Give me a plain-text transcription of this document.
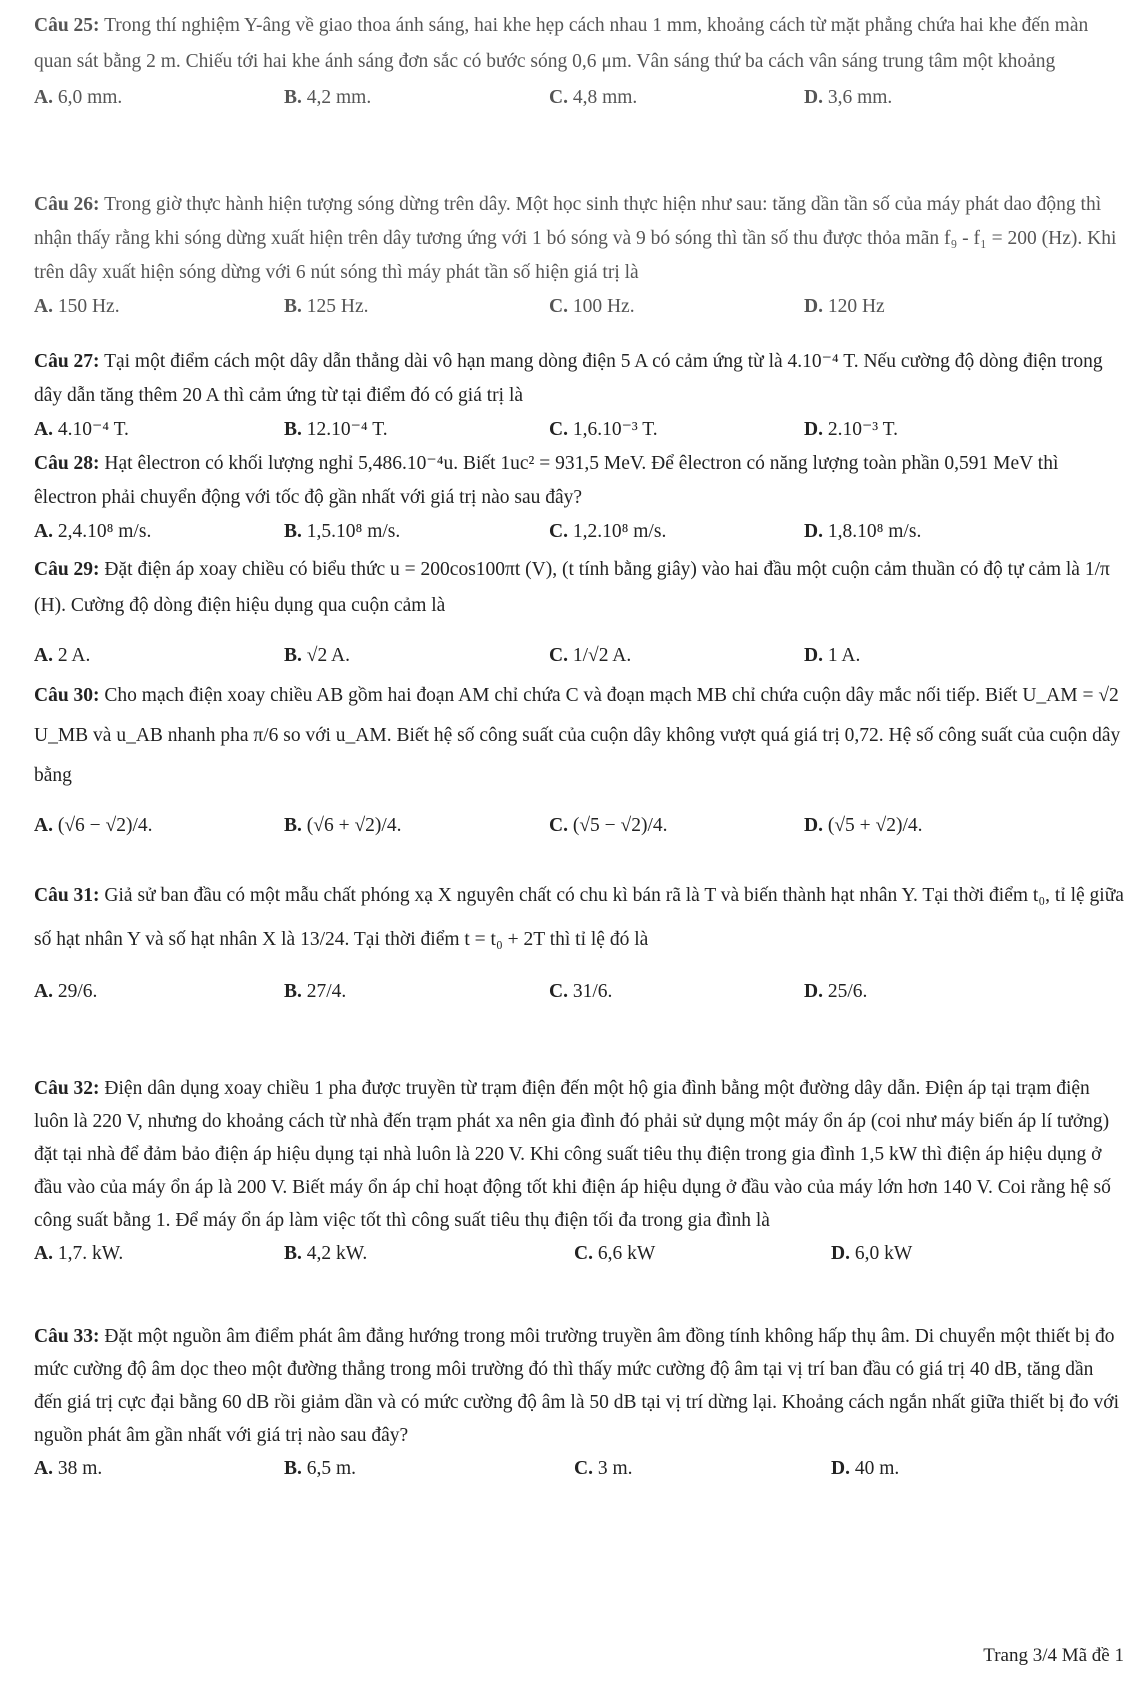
Câu 25: Trong thí nghiệm Y-âng về giao thoa ánh sáng, hai khe hẹp cách nhau 1 mm, khoảng cách từ mặt phẳng chứa hai khe đến màn quan sát bằng 2 m. Chiếu tới hai khe ánh sáng đơn sắc có bước sóng 0,6 μm. Vân sáng thứ ba cách vân sáng trung tâm một khoảng

A. 6,0 mm.	B. 4,2 mm.	C. 4,8 mm.	D. 3,6 mm.

Câu 26: Trong giờ thực hành hiện tượng sóng dừng trên dây. Một học sinh thực hiện như sau: tăng dần tần số của máy phát dao động thì nhận thấy rằng khi sóng dừng xuất hiện trên dây tương ứng với 1 bó sóng và 9 bó sóng thì tần số thu được thỏa mãn f₉ - f₁ = 200 (Hz). Khi trên dây xuất hiện sóng dừng với 6 nút sóng thì máy phát tần số hiện giá trị là

A. 150 Hz.	B. 125 Hz.	C. 100 Hz.	D. 120 Hz

Câu 27: Tại một điểm cách một dây dẫn thẳng dài vô hạn mang dòng điện 5 A có cảm ứng từ là 4.10⁻⁴ T. Nếu cường độ dòng điện trong dây dẫn tăng thêm 20 A thì cảm ứng từ tại điểm đó có giá trị là

A. 4.10⁻⁴ T.	B. 12.10⁻⁴ T.	C. 1,6.10⁻³ T.	D. 2.10⁻³ T.

Câu 28: Hạt êlectron có khối lượng nghỉ 5,486.10⁻⁴u. Biết 1uc² = 931,5 MeV. Để êlectron có năng lượng toàn phần 0,591 MeV thì êlectron phải chuyển động với tốc độ gần nhất với giá trị nào sau đây?

A. 2,4.10⁸ m/s.	B. 1,5.10⁸ m/s.	C. 1,2.10⁸ m/s.	D. 1,8.10⁸ m/s.

Câu 29: Đặt điện áp xoay chiều có biểu thức u = 200cos100πt (V), (t tính bằng giây) vào hai đầu một cuộn cảm thuần có độ tự cảm là 1/π (H). Cường độ dòng điện hiệu dụng qua cuộn cảm là

A. 2 A.	B. √2 A.	C. 1/√2 A.	D. 1 A.

Câu 30: Cho mạch điện xoay chiều AB gồm hai đoạn AM chỉ chứa C và đoạn mạch MB chỉ chứa cuộn dây mắc nối tiếp. Biết U_AM = √2 U_MB và u_AB nhanh pha π/6 so với u_AM. Biết hệ số công suất của cuộn dây không vượt quá giá trị 0,72. Hệ số công suất của cuộn dây bằng

A. (√6 − √2)/4.	B. (√6 + √2)/4.	C. (√5 − √2)/4.	D. (√5 + √2)/4.

Câu 31: Giả sử ban đầu có một mẫu chất phóng xạ X nguyên chất có chu kì bán rã là T và biến thành hạt nhân Y. Tại thời điểm t₀, tỉ lệ giữa số hạt nhân Y và số hạt nhân X là 13/24. Tại thời điểm t = t₀ + 2T thì tỉ lệ đó là

A. 29/6.	B. 27/4.	C. 31/6.	D. 25/6.

Câu 32: Điện dân dụng xoay chiều 1 pha được truyền từ trạm điện đến một hộ gia đình bằng một đường dây dẫn. Điện áp tại trạm điện luôn là 220 V, nhưng do khoảng cách từ nhà đến trạm phát xa nên gia đình đó phải sử dụng một máy ổn áp (coi như máy biến áp lí tưởng) đặt tại nhà để đảm bảo điện áp hiệu dụng tại nhà luôn là 220 V. Khi công suất tiêu thụ điện trong gia đình 1,5 kW thì điện áp hiệu dụng ở đầu vào của máy ổn áp là 200 V. Biết máy ổn áp chỉ hoạt động tốt khi điện áp hiệu dụng ở đầu vào của máy lớn hơn 140 V. Coi rằng hệ số công suất bằng 1. Để máy ổn áp làm việc tốt thì công suất tiêu thụ điện tối đa trong gia đình là

A. 1,7. kW.	B. 4,2 kW.	C. 6,6 kW	D. 6,0 kW

Câu 33: Đặt một nguồn âm điểm phát âm đẳng hướng trong môi trường truyền âm đồng tính không hấp thụ âm. Di chuyển một thiết bị đo mức cường độ âm dọc theo một đường thẳng trong môi trường đó thì thấy mức cường độ âm tại vị trí ban đầu có giá trị 40 dB, tăng dần đến giá trị cực đại bằng 60 dB rồi giảm dần và có mức cường độ âm là 50 dB tại vị trí dừng lại. Khoảng cách ngắn nhất giữa thiết bị đo với nguồn phát âm gần nhất với giá trị nào sau đây?

A. 38 m.	B. 6,5 m.	C. 3 m.	D. 40 m.
Trang 3/4 Mã đề 1
